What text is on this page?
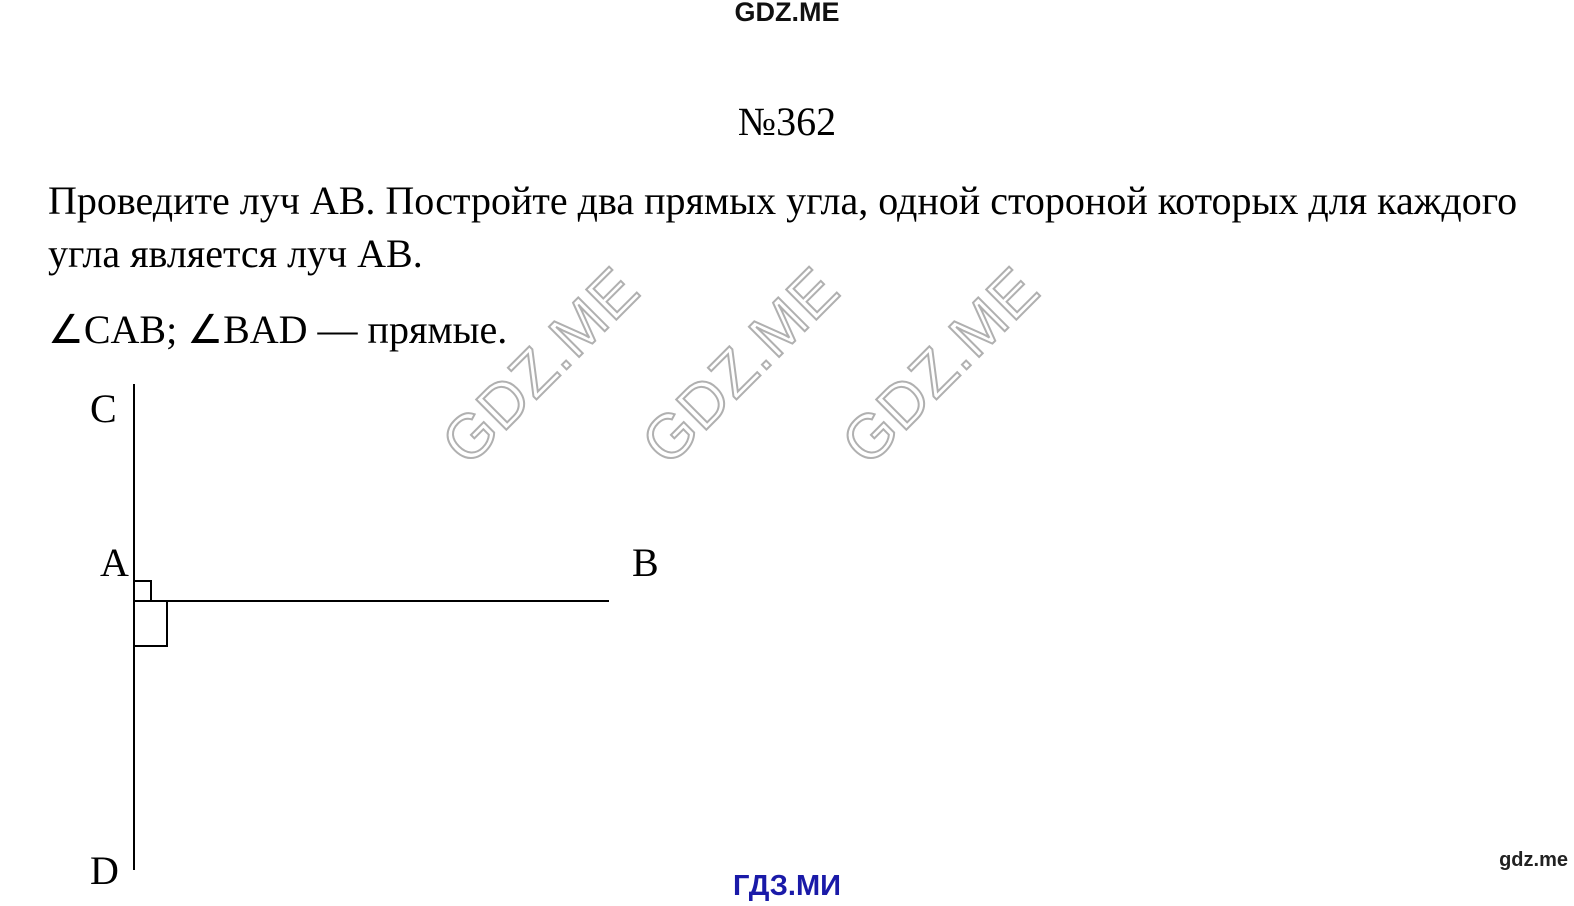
GDZ.ME
№362

Проведите луч АВ. Постройте два прямых угла, одной стороной которых для каждого угла является луч АВ.

∠CAB; ∠BAD — прямые.

C
A	B
D
GDZ.ME
GDZ.ME
GDZ.ME
ГДЗ.МИ
gdz.me
